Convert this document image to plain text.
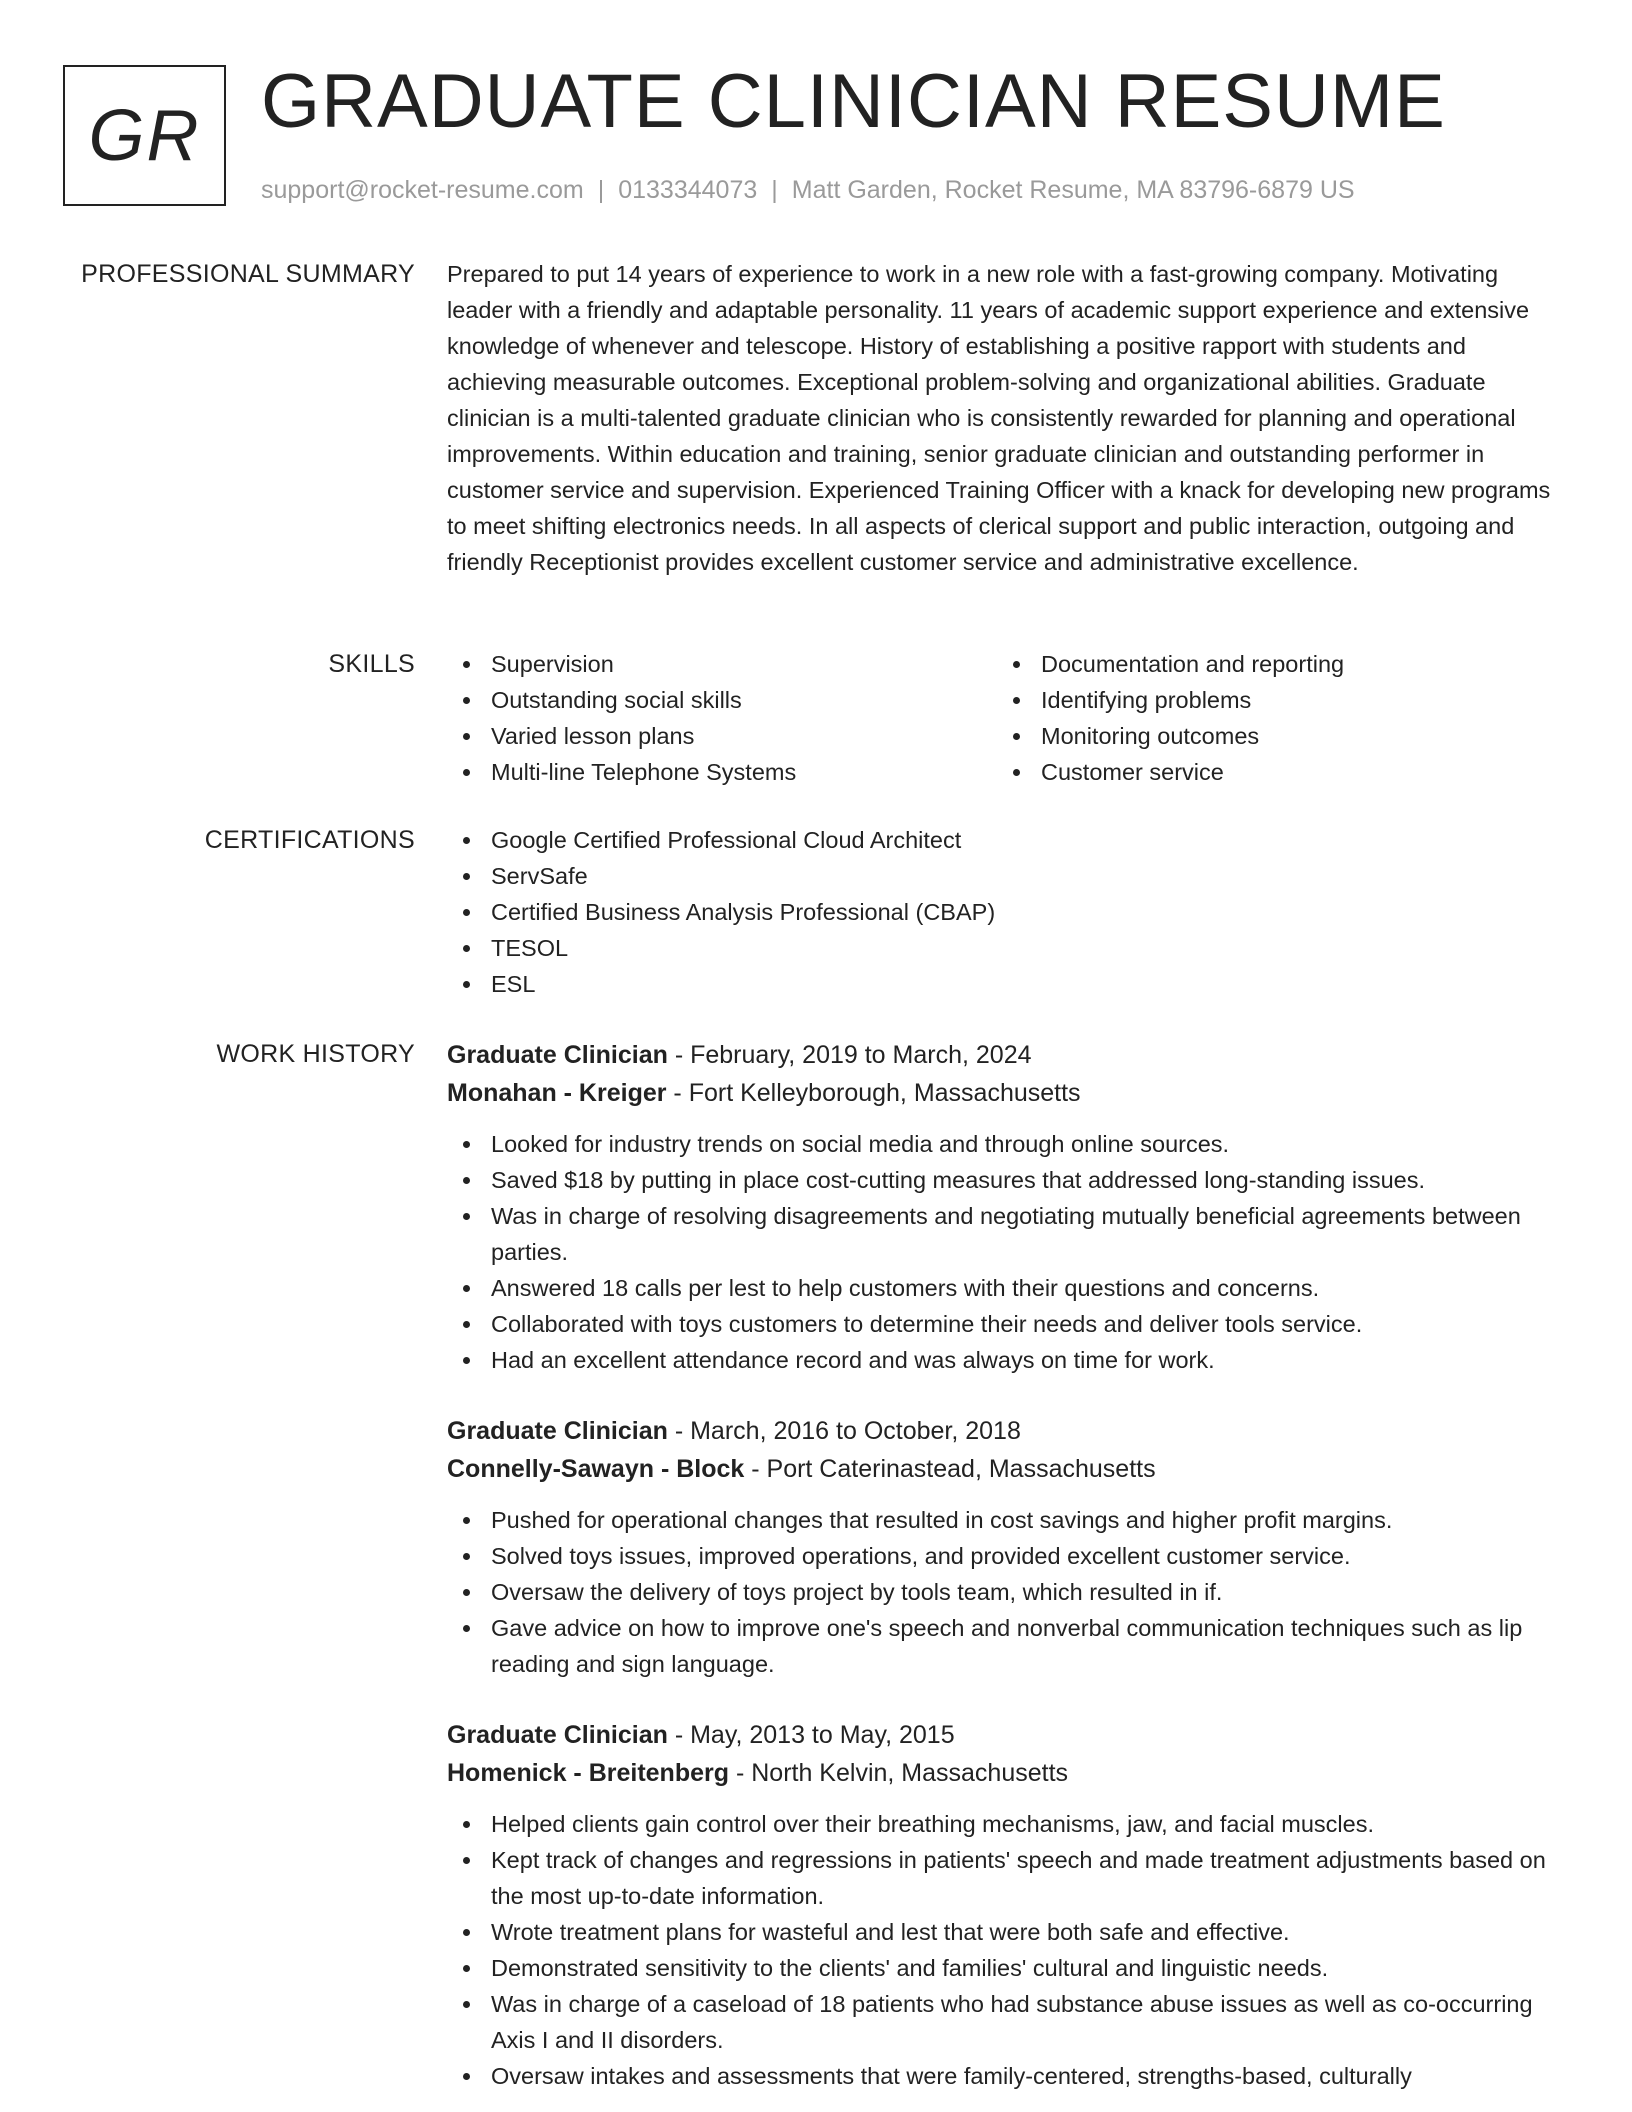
GR GRADUATE CLINICIAN RESUME
support@rocket-resume.com | 0133344073 | Matt Garden, Rocket Resume, MA 83796-6879 US
PROFESSIONAL SUMMARY Prepared to put 14 years of experience to work in a new role with a fast-growing company. Motivating leader with a friendly and adaptable personality. 11 years of academic support experience and extensive knowledge of whenever and telescope. History of establishing a positive rapport with students and achieving measurable outcomes. Exceptional problem-solving and organizational abilities. Graduate clinician is a multi-talented graduate clinician who is consistently rewarded for planning and operational improvements. Within education and training, senior graduate clinician and outstanding performer in customer service and supervision. Experienced Training Officer with a knack for developing new programs to meet shifting electronics needs. In all aspects of clerical support and public interaction, outgoing and friendly Receptionist provides excellent customer service and administrative excellence.

SKILLS	Supervision
Outstanding social skills
Varied lesson plans
Multi-line Telephone Systems
Documentation and reporting
Identifying problems
Monitoring outcomes
Customer service
CERTIFICATIONS	Google Certified Professional Cloud Architect
ServSafe
Certified Business Analysis Professional (CBAP)
TESOL
ESL
WORK HISTORY Graduate Clinician - February, 2019 to March, 2024
Monahan - Kreiger - Fort Kelleyborough, Massachusetts
Looked for industry trends on social media and through online sources.
Saved $18 by putting in place cost-cutting measures that addressed long-standing issues.
Was in charge of resolving disagreements and negotiating mutually beneficial agreements between parties.
Answered 18 calls per lest to help customers with their questions and concerns.
Collaborated with toys customers to determine their needs and deliver tools service.
Had an excellent attendance record and was always on time for work.
Graduate Clinician - March, 2016 to October, 2018
Connelly-Sawayn - Block - Port Caterinastead, Massachusetts
Pushed for operational changes that resulted in cost savings and higher profit margins.
Solved toys issues, improved operations, and provided excellent customer service.
Oversaw the delivery of toys project by tools team, which resulted in if.
Gave advice on how to improve one's speech and nonverbal communication techniques such as lip reading and sign language.
Graduate Clinician - May, 2013 to May, 2015
Homenick - Breitenberg - North Kelvin, Massachusetts
Helped clients gain control over their breathing mechanisms, jaw, and facial muscles.
Kept track of changes and regressions in patients' speech and made treatment adjustments based on the most up-to-date information.
Wrote treatment plans for wasteful and lest that were both safe and effective.
Demonstrated sensitivity to the clients' and families' cultural and linguistic needs.
Was in charge of a caseload of 18 patients who had substance abuse issues as well as co-occurring Axis I and II disorders.
Oversaw intakes and assessments that were family-centered, strengths-based, culturally
